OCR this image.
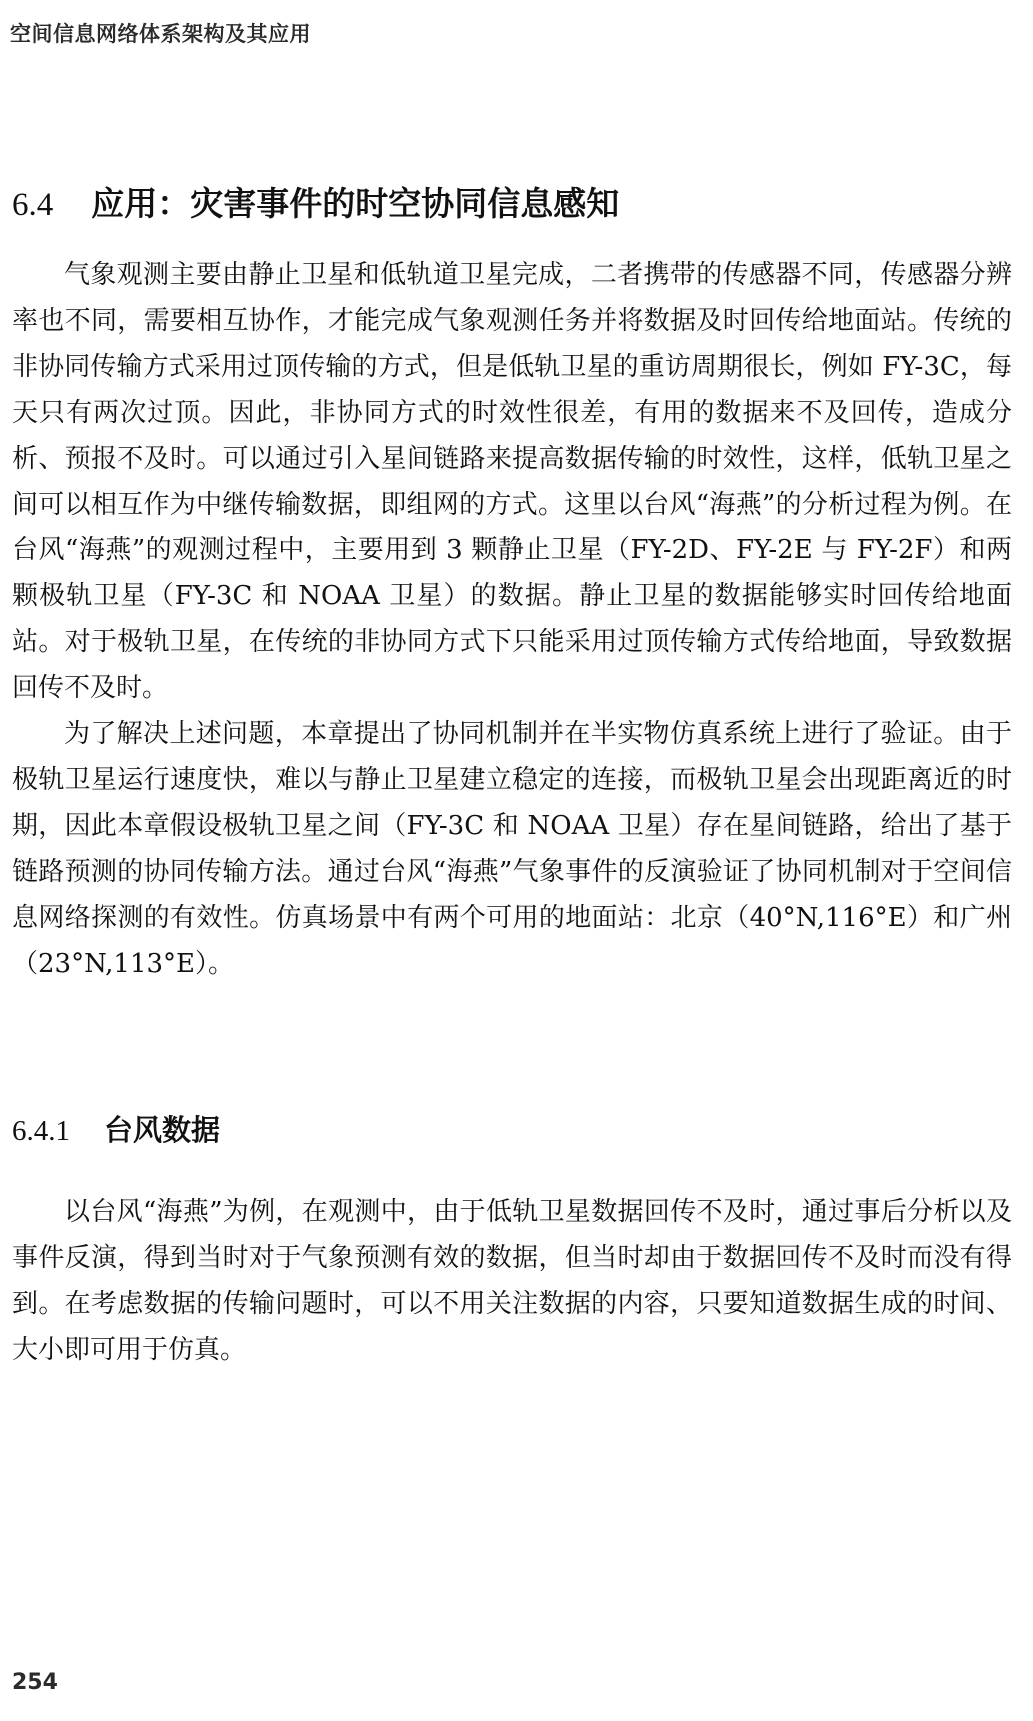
空间信息网络体系架构及其应用
6.4 应用：灾害事件的时空协同信息感知

气象观测主要由静止卫星和低轨道卫星完成，二者携带的传感器不同，传感器分辨率也不同，需要相互协作，才能完成气象观测任务并将数据及时回传给地面站。传统的非协同传输方式采用过顶传输的方式，但是低轨卫星的重访周期很长，例如 FY-3C，每天只有两次过顶。因此，非协同方式的时效性很差，有用的数据来不及回传，造成分析、预报不及时。可以通过引入星间链路来提高数据传输的时效性，这样，低轨卫星之间可以相互作为中继传输数据，即组网的方式。这里以台风“海燕”的分析过程为例。在台风“海燕”的观测过程中，主要用到 3 颗静止卫星（FY-2D、FY-2E 与 FY-2F）和两颗极轨卫星（FY-3C 和 NOAA 卫星）的数据。静止卫星的数据能够实时回传给地面站。对于极轨卫星，在传统的非协同方式下只能采用过顶传输方式传给地面，导致数据回传不及时。

为了解决上述问题，本章提出了协同机制并在半实物仿真系统上进行了验证。由于极轨卫星运行速度快，难以与静止卫星建立稳定的连接，而极轨卫星会出现距离近的时期，因此本章假设极轨卫星之间（FY-3C 和 NOAA 卫星）存在星间链路，给出了基于链路预测的协同传输方法。通过台风“海燕”气象事件的反演验证了协同机制对于空间信息网络探测的有效性。仿真场景中有两个可用的地面站：北京（40°N,116°E）和广州（23°N,113°E）。

6.4.1 台风数据

以台风“海燕”为例，在观测中，由于低轨卫星数据回传不及时，通过事后分析以及事件反演，得到当时对于气象预测有效的数据，但当时却由于数据回传不及时而没有得到。在考虑数据的传输问题时，可以不用关注数据的内容，只要知道数据生成的时间、大小即可用于仿真。

254
